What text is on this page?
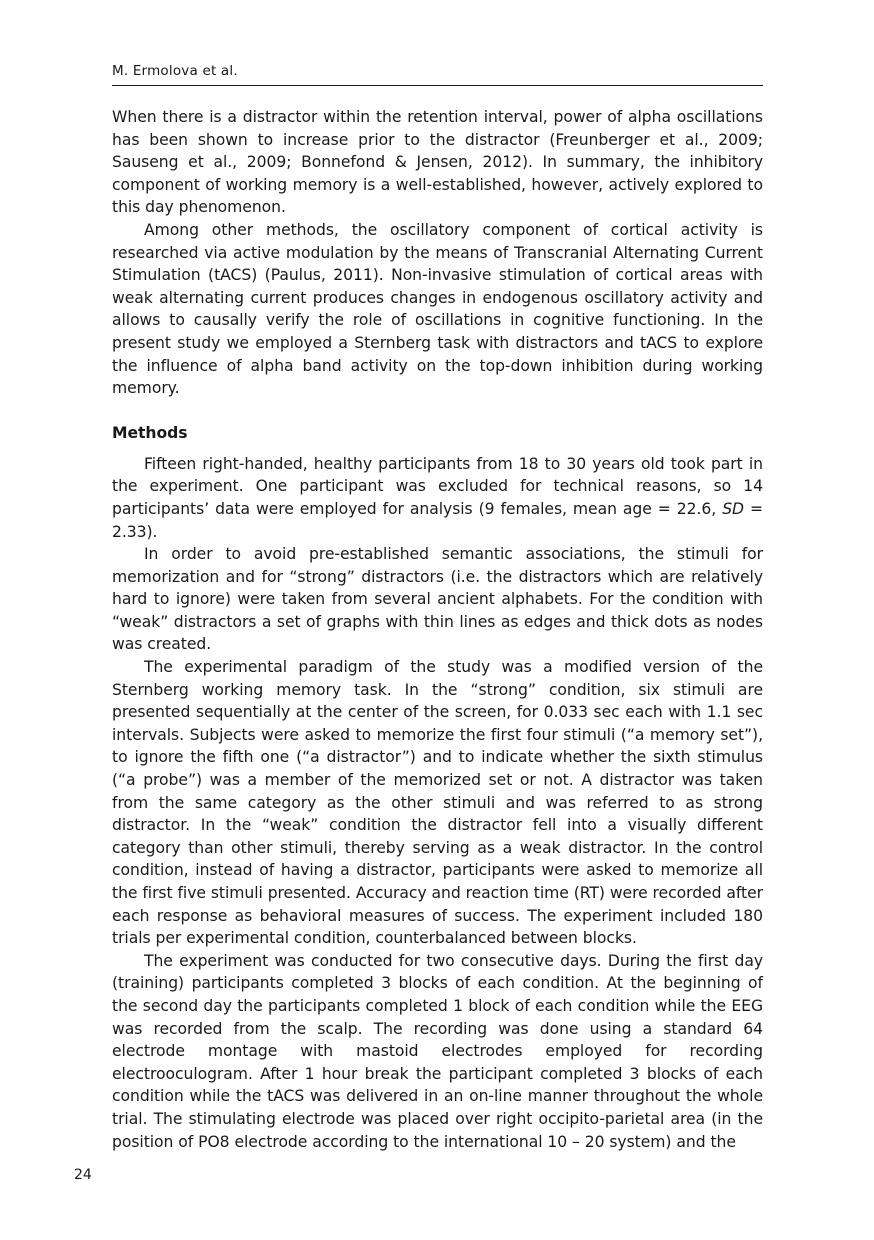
M. Ermolova et al.

When there is a distractor within the retention interval, power of alpha oscillations has been shown to increase prior to the distractor (Freunberger et al., 2009; Sauseng et al., 2009; Bonnefond & Jensen, 2012). In summary, the inhibitory component of working memory is a well-established, however, actively explored to this day phenomenon.

Among other methods, the oscillatory component of cortical activity is researched via active modulation by the means of Transcranial Alternating Current Stimulation (tACS) (Paulus, 2011). Non-invasive stimulation of cortical areas with weak alternating current produces changes in endogenous oscillatory activity and allows to causally verify the role of oscillations in cognitive functioning. In the present study we employed a Sternberg task with distractors and tACS to explore the influence of alpha band activity on the top-down inhibition during working memory.

Methods

Fifteen right-handed, healthy participants from 18 to 30 years old took part in the experiment. One participant was excluded for technical reasons, so 14 participants’ data were employed for analysis (9 females, mean age = 22.6, SD = 2.33).

In order to avoid pre-established semantic associations, the stimuli for memorization and for “strong” distractors (i.e. the distractors which are relatively hard to ignore) were taken from several ancient alphabets. For the condition with “weak” distractors a set of graphs with thin lines as edges and thick dots as nodes was created.

The experimental paradigm of the study was a modified version of the Sternberg working memory task. In the “strong” condition, six stimuli are presented sequentially at the center of the screen, for 0.033 sec each with 1.1 sec intervals. Subjects were asked to memorize the first four stimuli (“a memory set”), to ignore the fifth one (“a distractor”) and to indicate whether the sixth stimulus (“a probe”) was a member of the memorized set or not. A distractor was taken from the same category as the other stimuli and was referred to as strong distractor. In the “weak” condition the distractor fell into a visually different category than other stimuli, thereby serving as a weak distractor. In the control condition, instead of having a distractor, participants were asked to memorize all the first five stimuli presented. Accuracy and reaction time (RT) were recorded after each response as behavioral measures of success. The experiment included 180 trials per experimental condition, counterbalanced between blocks.

The experiment was conducted for two consecutive days. During the first day (training) participants completed 3 blocks of each condition. At the beginning of the second day the participants completed 1 block of each condition while the EEG was recorded from the scalp. The recording was done using a standard 64 electrode montage with mastoid electrodes employed for recording electrooculogram. After 1 hour break the participant completed 3 blocks of each condition while the tACS was delivered in an on-line manner throughout the whole trial. The stimulating electrode was placed over right occipito-parietal area (in the position of PO8 electrode according to the international 10 – 20 system) and the

24
